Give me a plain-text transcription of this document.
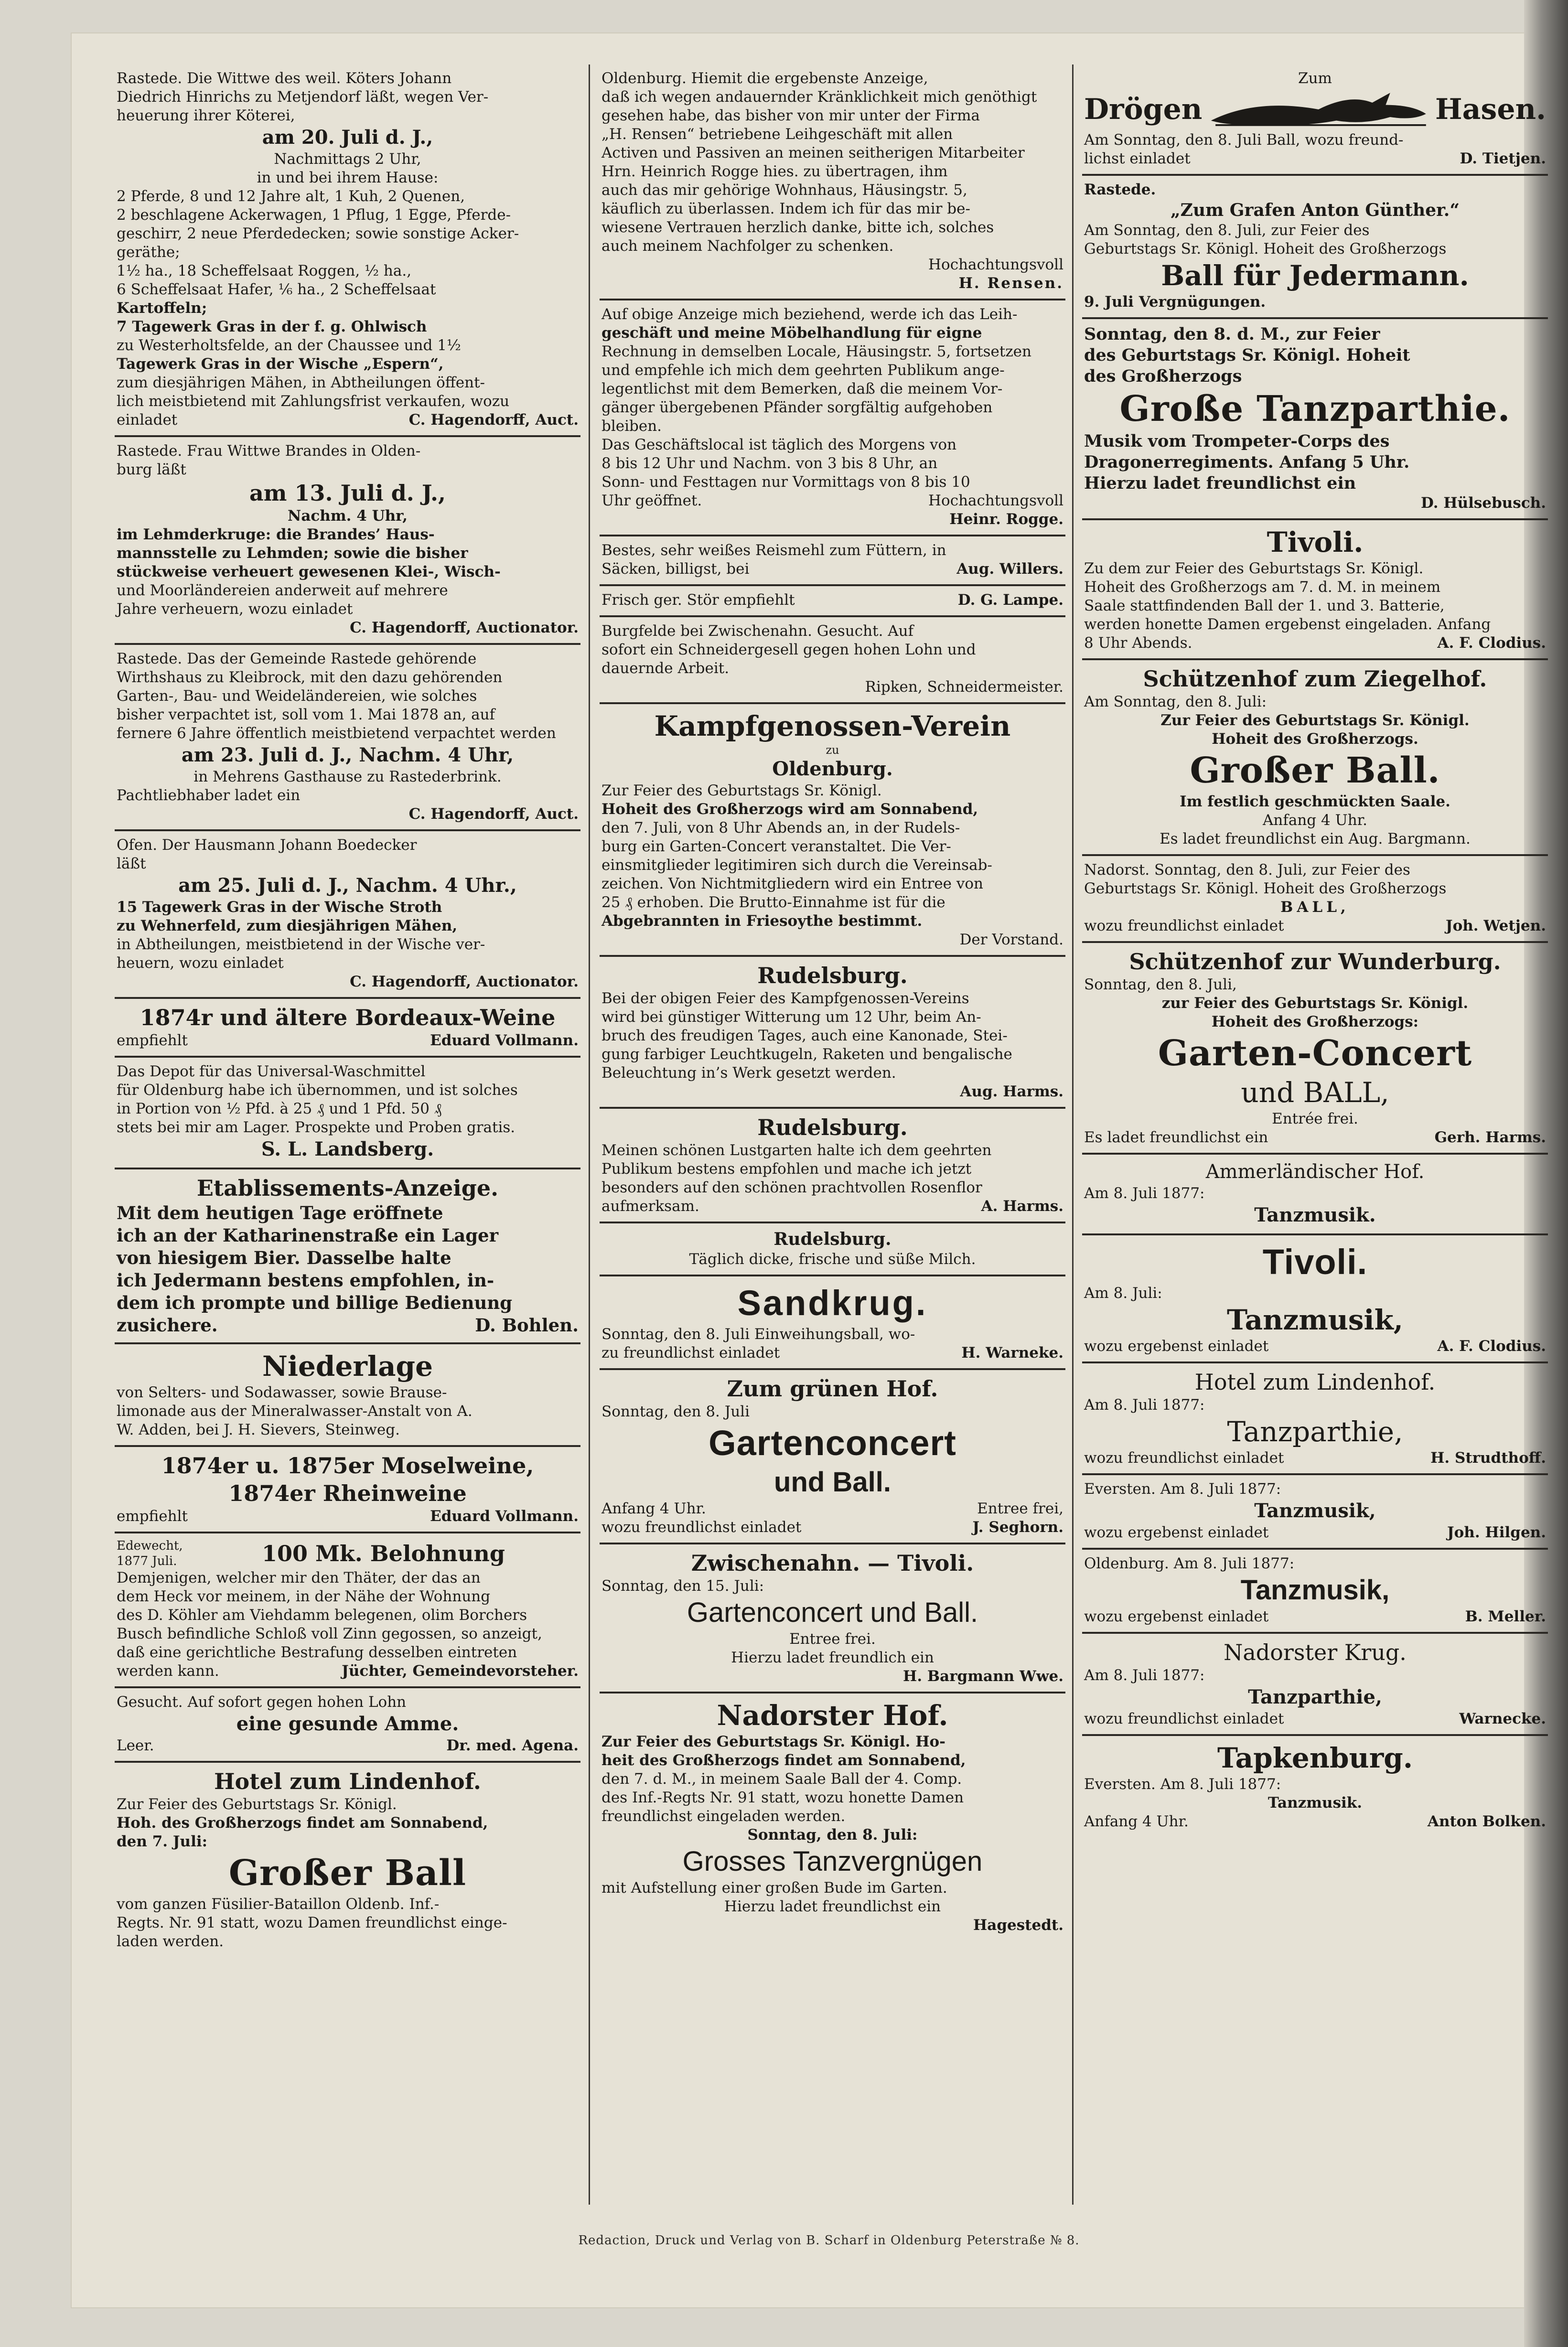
Rastede. Die Wittwe des weil. Köters Johann

Diedrich Hinrichs zu Metjendorf läßt, wegen Ver-

heuerung ihrer Köterei,

am 20. Juli d. J.,

Nachmittags 2 Uhr,

in und bei ihrem Hause:

2 Pferde, 8 und 12 Jahre alt, 1 Kuh, 2 Quenen,

2 beschlagene Ackerwagen, 1 Pflug, 1 Egge, Pferde-

geschirr, 2 neue Pferdedecken; sowie sonstige Acker-

geräthe;

1½ ha., 18 Scheffelsaat Roggen, ½ ha.,

6 Scheffelsaat Hafer, ⅙ ha., 2 Scheffelsaat

Kartoffeln;

7 Tagewerk Gras in der f. g. Ohlwisch

zu Westerholtsfelde, an der Chaussee und 1½

Tagewerk Gras in der Wische „Espern“,

zum diesjährigen Mähen, in Abtheilungen öffent-

lich meistbietend mit Zahlungsfrist verkaufen, wozu

einladet	C. Hagendorff, Auct.

Rastede. Frau Wittwe Brandes in Olden-

burg läßt

am 13. Juli d. J.,

Nachm. 4 Uhr,

im Lehmderkruge: die Brandes’ Haus-

mannsstelle zu Lehmden; sowie die bisher

stückweise verheuert gewesenen Klei-, Wisch-

und Moorländereien anderweit auf mehrere

Jahre verheuern, wozu einladet

C. Hagendorff, Auctionator.

Rastede. Das der Gemeinde Rastede gehörende

Wirthshaus zu Kleibrock, mit den dazu gehörenden

Garten-, Bau- und Weideländereien, wie solches

bisher verpachtet ist, soll vom 1. Mai 1878 an, auf

fernere 6 Jahre öffentlich meistbietend verpachtet werden

am 23. Juli d. J., Nachm. 4 Uhr,

in Mehrens Gasthause zu Rastederbrink.

Pachtliebhaber ladet ein

C. Hagendorff, Auct.

Ofen. Der Hausmann Johann Boedecker

läßt

am 25. Juli d. J., Nachm. 4 Uhr.,

15 Tagewerk Gras in der Wische Stroth

zu Wehnerfeld, zum diesjährigen Mähen,

in Abtheilungen, meistbietend in der Wische ver-

heuern, wozu einladet

C. Hagendorff, Auctionator.

1874r und ältere Bordeaux-Weine

empfiehlt	Eduard Vollmann.

Das Depot für das Universal-Waschmittel

für Oldenburg habe ich übernommen, und ist solches

in Portion von ½ Pfd. à 25 ₰ und 1 Pfd. 50 ₰

stets bei mir am Lager. Prospekte und Proben gratis.

S. L. Landsberg.

Etablissements-Anzeige.

Mit dem heutigen Tage eröffnete

ich an der Katharinenstraße ein Lager

von hiesigem Bier. Dasselbe halte

ich Jedermann bestens empfohlen, in-

dem ich prompte und billige Bedienung

zusichere.	D. Bohlen.

Niederlage

von Selters- und Sodawasser, sowie Brause-

limonade aus der Mineralwasser-Anstalt von A.

W. Adden, bei J. H. Sievers, Steinweg.

1874er u. 1875er Moselweine,

1874er Rheinweine

empfiehlt	Eduard Vollmann.
Edewecht,
1877 Juli.	100 Mk. Belohnung

Demjenigen, welcher mir den Thäter, der das an

dem Heck vor meinem, in der Nähe der Wohnung

des D. Köhler am Viehdamm belegenen, olim Borchers

Busch befindliche Schloß voll Zinn gegossen, so anzeigt,

daß eine gerichtliche Bestrafung desselben eintreten

werden kann.	Jüchter, Gemeindevorsteher.

Gesucht. Auf sofort gegen hohen Lohn

eine gesunde Amme.

Leer.	Dr. med. Agena.

Hotel zum Lindenhof.

Zur Feier des Geburtstags Sr. Königl.

Hoh. des Großherzogs findet am Sonnabend,

den 7. Juli:

Großer Ball

vom ganzen Füsilier-Bataillon Oldenb. Inf.-

Regts. Nr. 91 statt, wozu Damen freundlichst einge-

laden werden.

Oldenburg. Hiemit die ergebenste Anzeige,

daß ich wegen andauernder Kränklichkeit mich genöthigt

gesehen habe, das bisher von mir unter der Firma

„H. Rensen“ betriebene Leihgeschäft mit allen

Activen und Passiven an meinen seitherigen Mitarbeiter

Hrn. Heinrich Rogge hies. zu übertragen, ihm

auch das mir gehörige Wohnhaus, Häusingstr. 5,

käuflich zu überlassen. Indem ich für das mir be-

wiesene Vertrauen herzlich danke, bitte ich, solches

auch meinem Nachfolger zu schenken.

Hochachtungsvoll

H. Rensen.

Auf obige Anzeige mich beziehend, werde ich das Leih-

geschäft und meine Möbelhandlung für eigne

Rechnung in demselben Locale, Häusingstr. 5, fortsetzen

und empfehle ich mich dem geehrten Publikum ange-

legentlichst mit dem Bemerken, daß die meinem Vor-

gänger übergebenen Pfänder sorgfältig aufgehoben

bleiben.

Das Geschäftslocal ist täglich des Morgens von

8 bis 12 Uhr und Nachm. von 3 bis 8 Uhr, an

Sonn- und Festtagen nur Vormittags von 8 bis 10

Uhr geöffnet.	Hochachtungsvoll

Heinr. Rogge.

Bestes, sehr weißes Reismehl zum Füttern, in

Säcken, billigst, bei	Aug. Willers.
Frisch ger. Stör empfiehlt	D. G. Lampe.

Burgfelde bei Zwischenahn. Gesucht. Auf

sofort ein Schneidergesell gegen hohen Lohn und

dauernde Arbeit.

Ripken, Schneidermeister.

Kampfgenossen-Verein

zu

Oldenburg.

Zur Feier des Geburtstags Sr. Königl.

Hoheit des Großherzogs wird am Sonnabend,

den 7. Juli, von 8 Uhr Abends an, in der Rudels-

burg ein Garten-Concert veranstaltet. Die Ver-

einsmitglieder legitimiren sich durch die Vereinsab-

zeichen. Von Nichtmitgliedern wird ein Entree von

25 ₰ erhoben. Die Brutto-Einnahme ist für die

Abgebrannten in Friesoythe bestimmt.

Der Vorstand.

Rudelsburg.

Bei der obigen Feier des Kampfgenossen-Vereins

wird bei günstiger Witterung um 12 Uhr, beim An-

bruch des freudigen Tages, auch eine Kanonade, Stei-

gung farbiger Leuchtkugeln, Raketen und bengalische

Beleuchtung in’s Werk gesetzt werden.

Aug. Harms.

Rudelsburg.

Meinen schönen Lustgarten halte ich dem geehrten

Publikum bestens empfohlen und mache ich jetzt

besonders auf den schönen prachtvollen Rosenflor

aufmerksam.	A. Harms.

Rudelsburg.

Täglich dicke, frische und süße Milch.

Sandkrug.

Sonntag, den 8. Juli Einweihungsball, wo-

zu freundlichst einladet	H. Warneke.

Zum grünen Hof.

Sonntag, den 8. Juli

Gartenconcert

und Ball.

Anfang 4 Uhr.	Entree frei,
wozu freundlichst einladet	J. Seghorn.

Zwischenahn. — Tivoli.

Sonntag, den 15. Juli:

Gartenconcert und Ball.

Entree frei.

Hierzu ladet freundlich ein

H. Bargmann Wwe.

Nadorster Hof.

Zur Feier des Geburtstags Sr. Königl. Ho-

heit des Großherzogs findet am Sonnabend,

den 7. d. M., in meinem Saale Ball der 4. Comp.

des Inf.-Regts Nr. 91 statt, wozu honette Damen

freundlichst eingeladen werden.

Sonntag, den 8. Juli:

Grosses Tanzvergnügen

mit Aufstellung einer großen Bude im Garten.

Hierzu ladet freundlichst ein

Hagestedt.

Zum

Drögen	Hasen.

Am Sonntag, den 8. Juli Ball, wozu freund-

lichst einladet	D. Tietjen.

Rastede.

„Zum Grafen Anton Günther.“

Am Sonntag, den 8. Juli, zur Feier des

Geburtstags Sr. Königl. Hoheit des Großherzogs

Ball für Jedermann.

9. Juli Vergnügungen.

Sonntag, den 8. d. M., zur Feier

des Geburtstags Sr. Königl. Hoheit

des Großherzogs

Große Tanzparthie.

Musik vom Trompeter-Corps des

Dragonerregiments. Anfang 5 Uhr.

Hierzu ladet freundlichst ein

D. Hülsebusch.

Tivoli.

Zu dem zur Feier des Geburtstags Sr. Königl.

Hoheit des Großherzogs am 7. d. M. in meinem

Saale stattfindenden Ball der 1. und 3. Batterie,

werden honette Damen ergebenst eingeladen. Anfang

8 Uhr Abends.	A. F. Clodius.

Schützenhof zum Ziegelhof.

Am Sonntag, den 8. Juli:

Zur Feier des Geburtstags Sr. Königl.

Hoheit des Großherzogs.

Großer Ball.

Im festlich geschmückten Saale.

Anfang 4 Uhr.

Es ladet freundlichst ein Aug. Bargmann.

Nadorst. Sonntag, den 8. Juli, zur Feier des

Geburtstags Sr. Königl. Hoheit des Großherzogs

BALL,

wozu freundlichst einladet	Joh. Wetjen.

Schützenhof zur Wunderburg.

Sonntag, den 8. Juli,

zur Feier des Geburtstags Sr. Königl.

Hoheit des Großherzogs:

Garten-Concert

und BALL,

Entrée frei.

Es ladet freundlichst ein	Gerh. Harms.

Ammerländischer Hof.

Am 8. Juli 1877:

Tanzmusik.

Tivoli.

Am 8. Juli:

Tanzmusik,

wozu ergebenst einladet	A. F. Clodius.

Hotel zum Lindenhof.

Am 8. Juli 1877:

Tanzparthie,

wozu freundlichst einladet	H. Strudthoff.

Eversten. Am 8. Juli 1877:

Tanzmusik,

wozu ergebenst einladet	Joh. Hilgen.

Oldenburg. Am 8. Juli 1877:

Tanzmusik,

wozu ergebenst einladet	B. Meller.

Nadorster Krug.

Am 8. Juli 1877:

Tanzparthie,

wozu freundlichst einladet	Warnecke.

Tapkenburg.

Eversten. Am 8. Juli 1877:

Tanzmusik.

Anfang 4 Uhr.	Anton Bolken.
Redaction, Druck und Verlag von B. Scharf in Oldenburg Peterstraße № 8.
